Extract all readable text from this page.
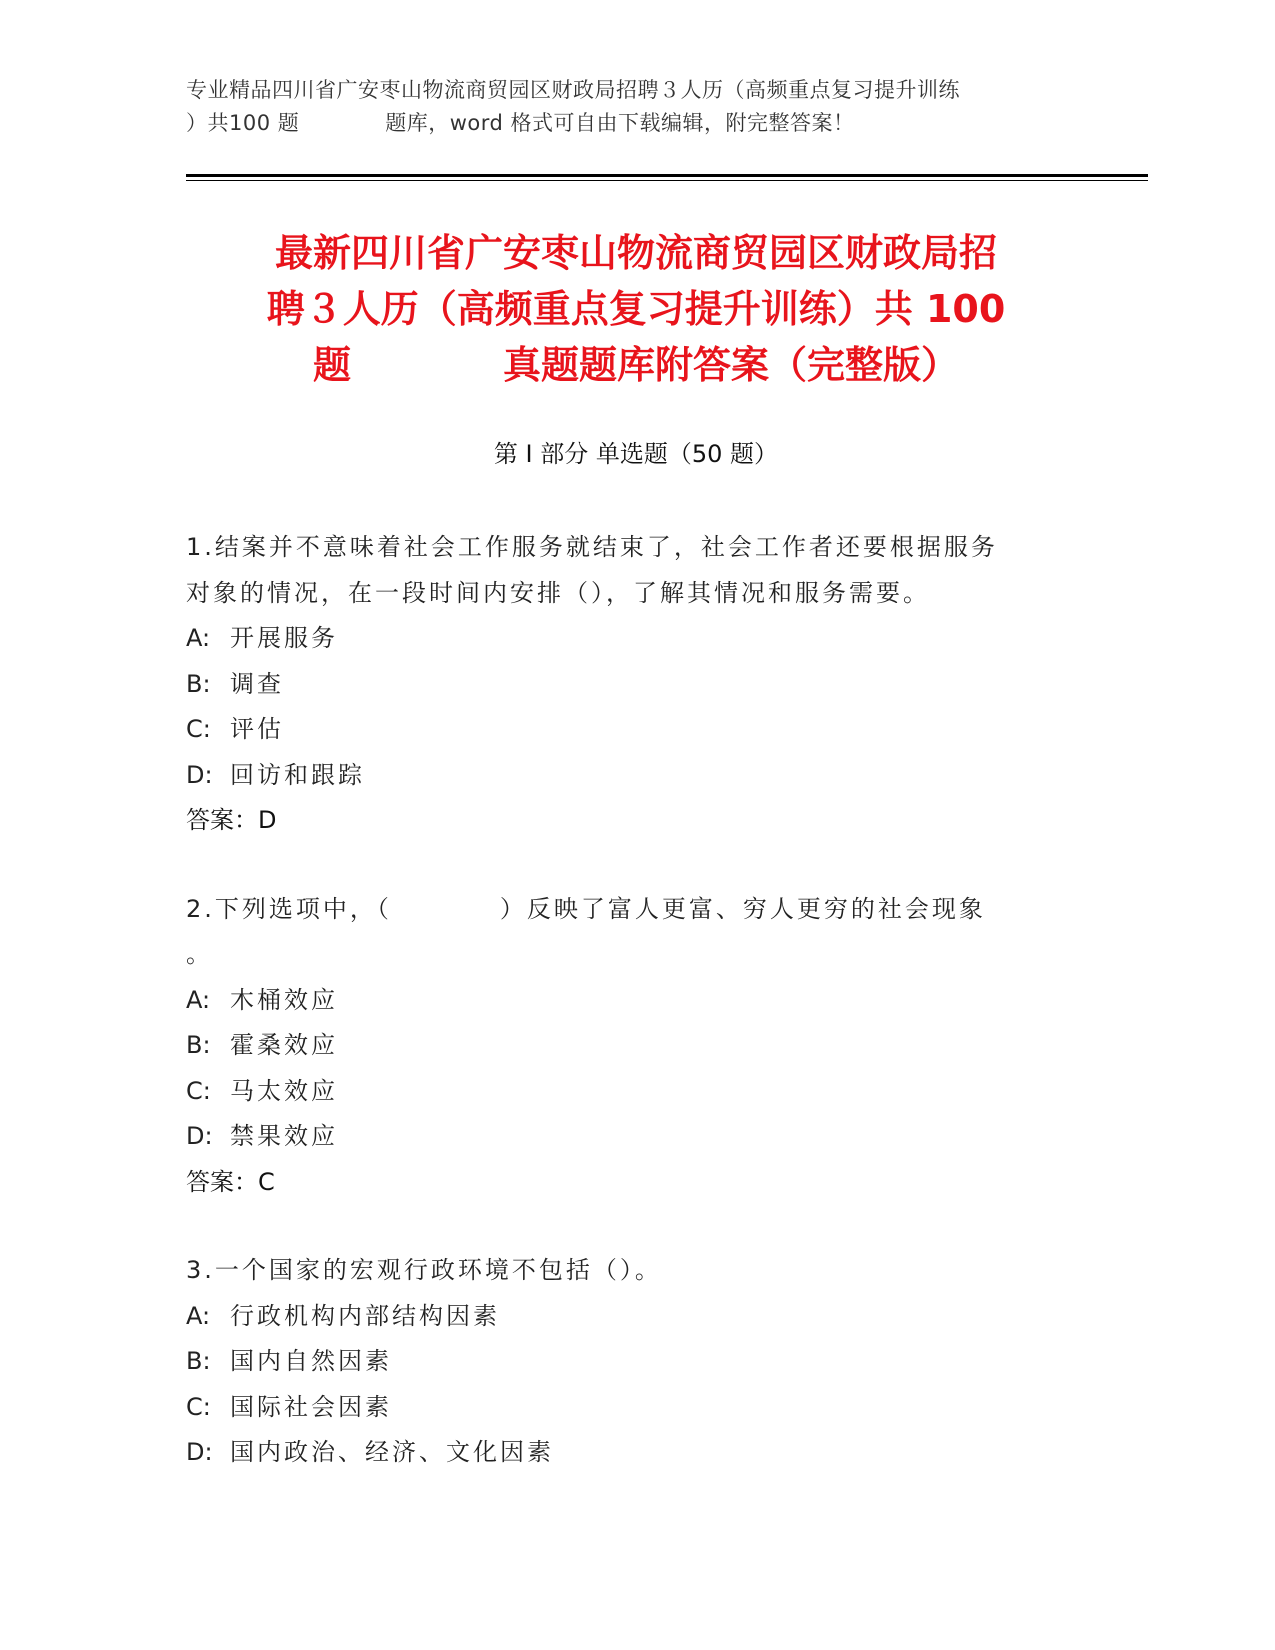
专业精品四川省广安枣山物流商贸园区财政局招聘３人历（高频重点复习提升训练
）共100 题　　　　题库，word 格式可自由下载编辑，附完整答案！
最新四川省广安枣山物流商贸园区财政局招
聘３人历（高频重点复习提升训练）共 100
题　　　　真题题库附答案（完整版）
第 I 部分 单选题（50 题）
1.结案并不意味着社会工作服务就结束了，社会工作者还要根据服务
对象的情况，在一段时间内安排（），了解其情况和服务需要。
A: 开展服务
B: 调查
C: 评估
D: 回访和跟踪
答案：D
2.下列选项中，（　　　　）反映了富人更富、穷人更穷的社会现象
。
A: 木桶效应
B: 霍桑效应
C: 马太效应
D: 禁果效应
答案：C
3.一个国家的宏观行政环境不包括（）。
A: 行政机构内部结构因素
B: 国内自然因素
C: 国际社会因素
D: 国内政治、经济、文化因素
